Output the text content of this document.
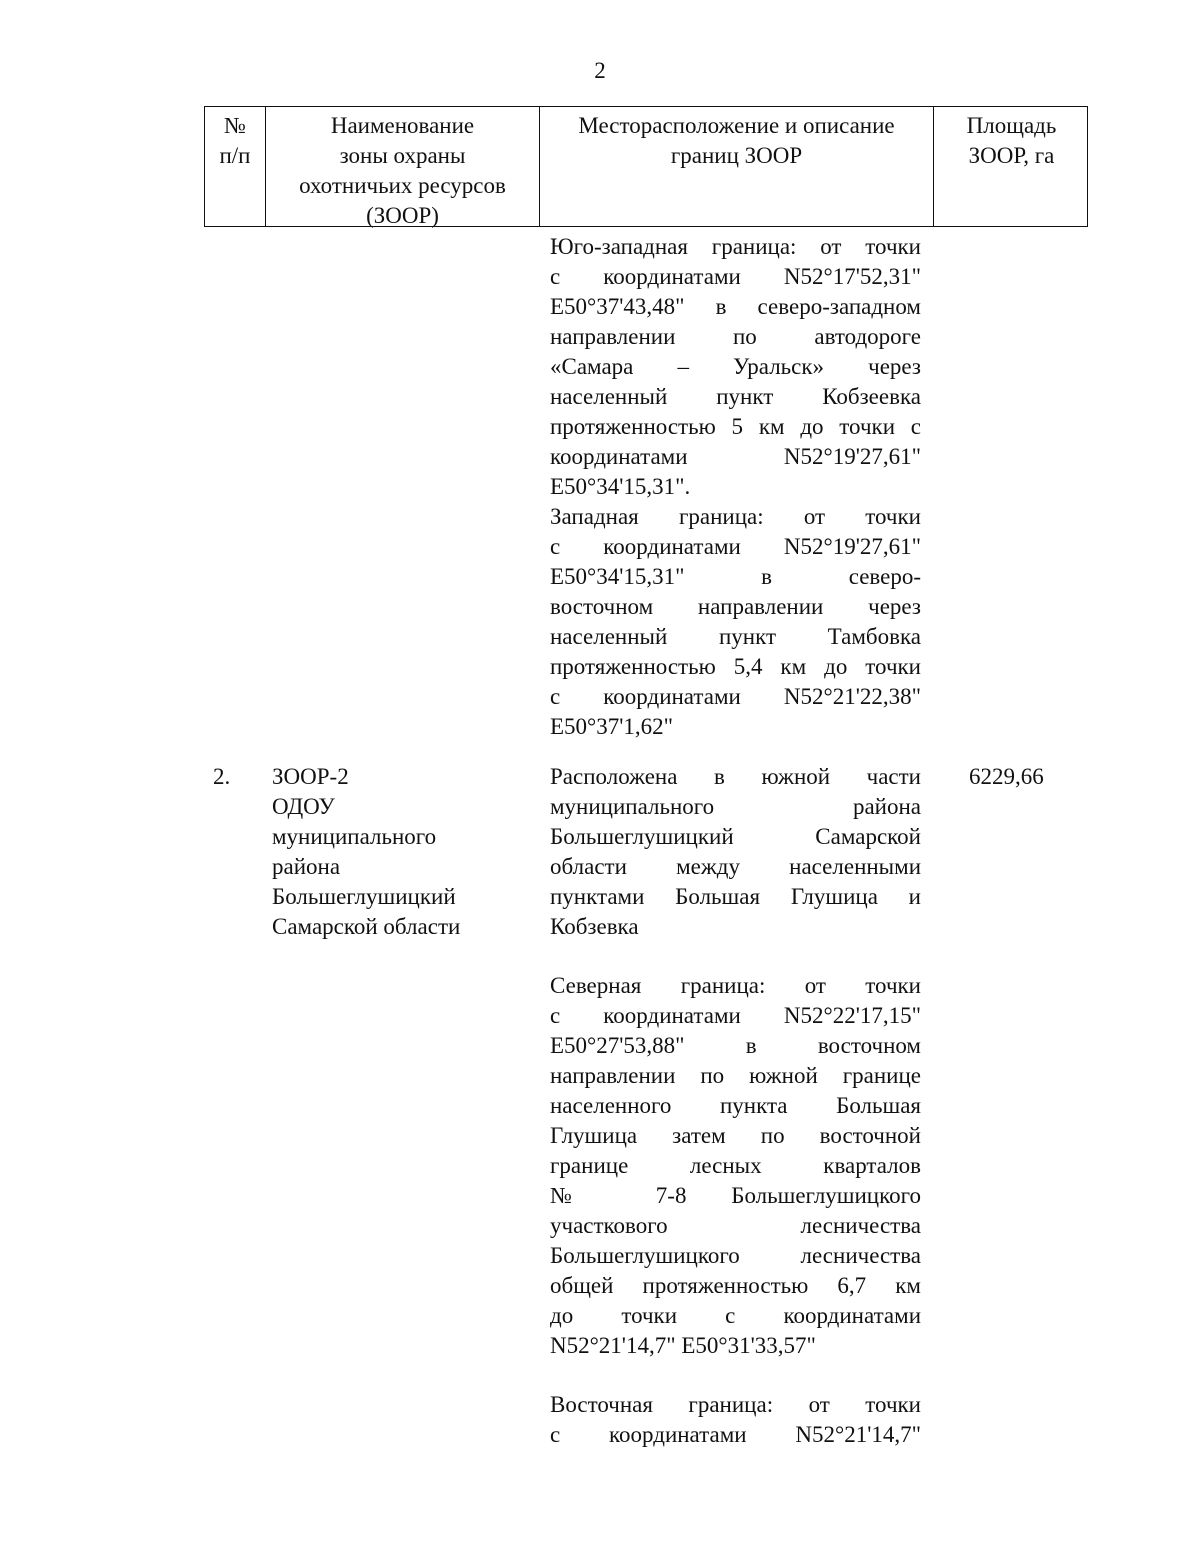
2
№
п/п
Наименование
зоны охраны
охотничьих ресурсов
(ЗООР)
Месторасположение и описание
границ ЗООР
Площадь
ЗООР, га
Юго-западная граница: от точки
с координатами N52°17'52,31"
E50°37'43,48" в северо-западном
направлении по автодороге
«Самара – Уральск» через
населенный пункт Кобзеевка
протяженностью 5 км до точки с
координатами N52°19'27,61"
E50°34'15,31".
Западная граница: от точки
с координатами N52°19'27,61"
E50°34'15,31" в северо-
восточном направлении через
населенный пункт Тамбовка
протяженностью 5,4 км до точки
с координатами N52°21'22,38"
E50°37'1,62"
2. ЗООР-2
ОДОУ
муниципального
района
Большеглушицкий
Самарской области
6229,66
Расположена в южной части
муниципального района
Большеглушицкий Самарской
области между населенными
пунктами Большая Глушица и
Кобзевка
Северная граница: от точки
с координатами N52°22'17,15"
E50°27'53,88" в восточном
направлении по южной границе
населенного пункта Большая
Глушица затем по восточной
границе лесных кварталов
№ 7-8 Большеглушицкого
участкового лесничества
Большеглушицкого лесничества
общей протяженностью 6,7 км
до точки с координатами
N52°21'14,7" E50°31'33,57"
Восточная граница: от точки
с координатами N52°21'14,7"
